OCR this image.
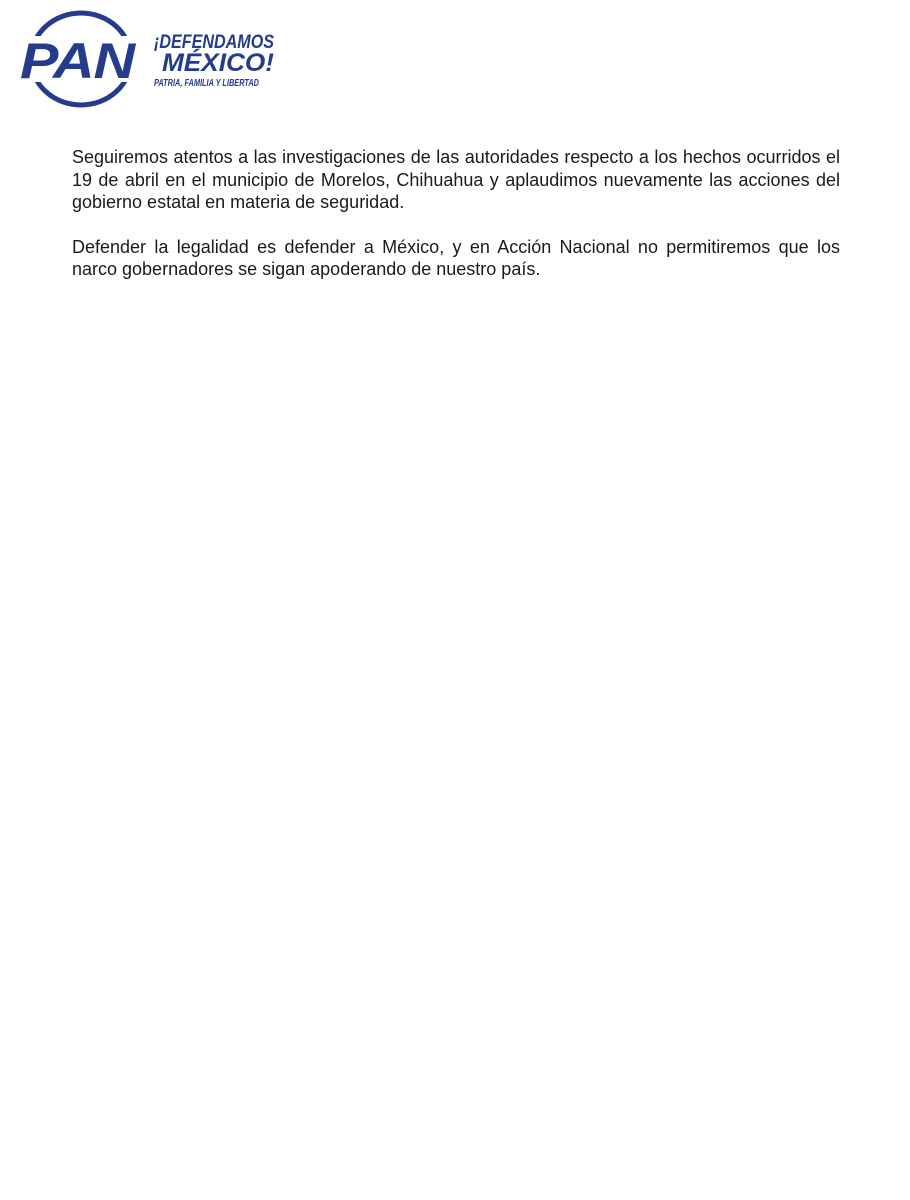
PAN ¡DEFENDAMOS
MÉXICO!
PATRIA, FAMILIA Y LIBERTAD

Seguiremos atentos a las investigaciones de las autoridades respecto a los hechos ocurridos el 19 de abril en el municipio de Morelos, Chihuahua y aplaudimos nuevamente las acciones del gobierno estatal en materia de seguridad.

Defender la legalidad es defender a México, y en Acción Nacional no permitiremos que los narco gobernadores se sigan apoderando de nuestro país.
